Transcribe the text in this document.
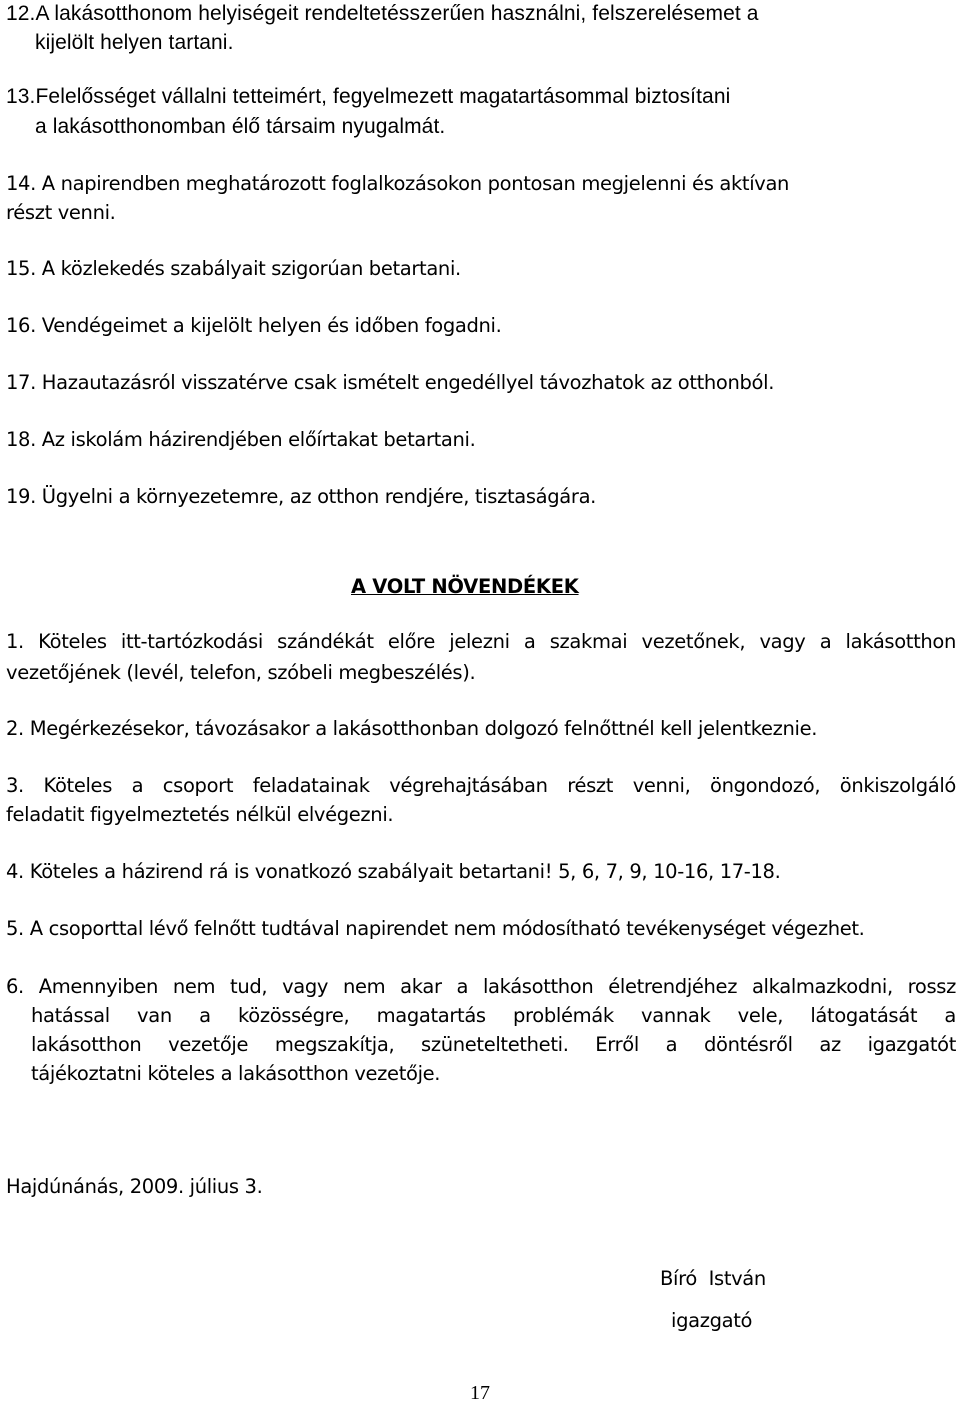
12.A lakásotthonom helyiségeit rendeltetésszerűen használni, felszerelésemet a

kijelölt helyen tartani.

13.Felelősséget vállalni tetteimért, fegyelmezett magatartásommal biztosítani

a lakásotthonomban élő társaim nyugalmát.

14. A napirendben meghatározott foglalkozásokon pontosan megjelenni és aktívan

részt venni.

15. A közlekedés szabályait szigorúan betartani.

16. Vendégeimet a kijelölt helyen és időben fogadni.

17. Hazautazásról visszatérve csak ismételt engedéllyel távozhatok az otthonból.

18. Az iskolám házirendjében előírtakat betartani.

19. Ügyelni a környezetemre, az otthon rendjére, tisztaságára.

A VOLT NÖVENDÉKEK

1. Köteles itt-tartózkodási szándékát előre jelezni a szakmai vezetőnek, vagy a lakásotthon

vezetőjének (levél, telefon, szóbeli megbeszélés).

2. Megérkezésekor, távozásakor a lakásotthonban dolgozó felnőttnél kell jelentkeznie.

3. Köteles a csoport feladatainak végrehajtásában részt venni, öngondozó, önkiszolgáló

feladatit figyelmeztetés nélkül elvégezni.

4. Köteles a házirend rá is vonatkozó szabályait betartani! 5, 6, 7, 9, 10-16, 17-18.

5. A csoporttal lévő felnőtt tudtával napirendet nem módosítható tevékenységet végezhet.

6. Amennyiben nem tud, vagy nem akar a lakásotthon életrendjéhez alkalmazkodni, rossz
hatással van a közösségre, magatartás problémák vannak vele, látogatását a
lakásotthon vezetője megszakítja, szüneteltetheti. Erről a döntésről az igazgatót

tájékoztatni köteles a lakásotthon vezetője.

Hajdúnánás, 2009. július 3.

Bíró  István

igazgató

17
